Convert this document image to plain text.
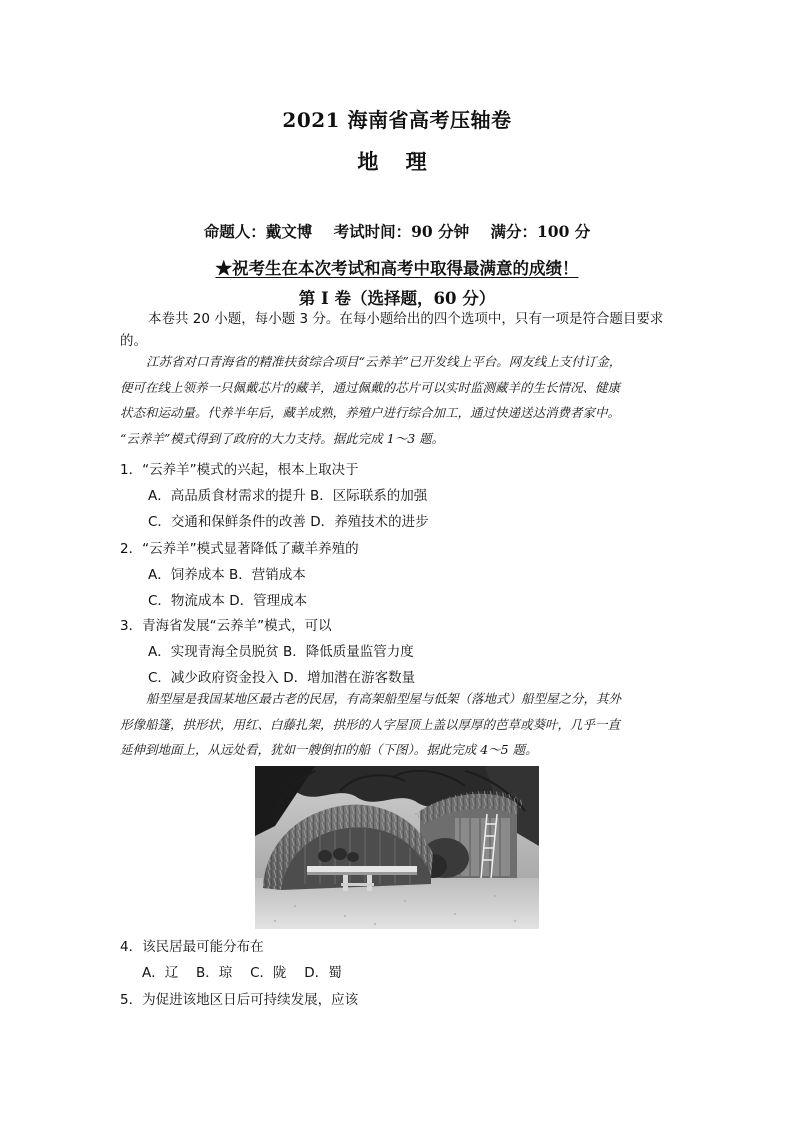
2021 海南省高考压轴卷
地 理
命题人：戴文博 考试时间：90 分钟 满分：100 分
★祝考生在本次考试和高考中取得最满意的成绩！
第 I 卷（选择题，60 分）
本卷共 20 小题，每小题 3 分。在每小题给出的四个选项中，只有一项是符合题目要求
的。
江苏省对口青海省的精准扶贫综合项目“云养羊”已开发线上平台。网友线上支付订金，
便可在线上领养一只佩戴芯片的藏羊，通过佩戴的芯片可以实时监测藏羊的生长情况、健康
状态和运动量。代养半年后，藏羊成熟，养殖户进行综合加工，通过快递送达消费者家中。
“云养羊”模式得到了政府的大力支持。据此完成 1～3 题。
1．“云养羊”模式的兴起，根本上取决于
A．高品质食材需求的提升 B．区际联系的加强
C．交通和保鲜条件的改善 D．养殖技术的进步
2．“云养羊”模式显著降低了藏羊养殖的
A．饲养成本 B．营销成本
C．物流成本 D．管理成本
3．青海省发展“云养羊”模式，可以
A．实现青海全员脱贫 B．降低质量监管力度
C．减少政府资金投入 D．增加潜在游客数量
船型屋是我国某地区最古老的民居，有高架船型屋与低架（落地式）船型屋之分，其外
形像船篷，拱形状，用红、白藤扎架，拱形的人字屋顶上盖以厚厚的芭草或葵叶，几乎一直
延伸到地面上，从远处看，犹如一艘倒扣的船（下图）。据此完成 4～5 题。
4．该民居最可能分布在
A．辽　 B．琼　 C．陇　 D．蜀
5．为促进该地区日后可持续发展，应该
